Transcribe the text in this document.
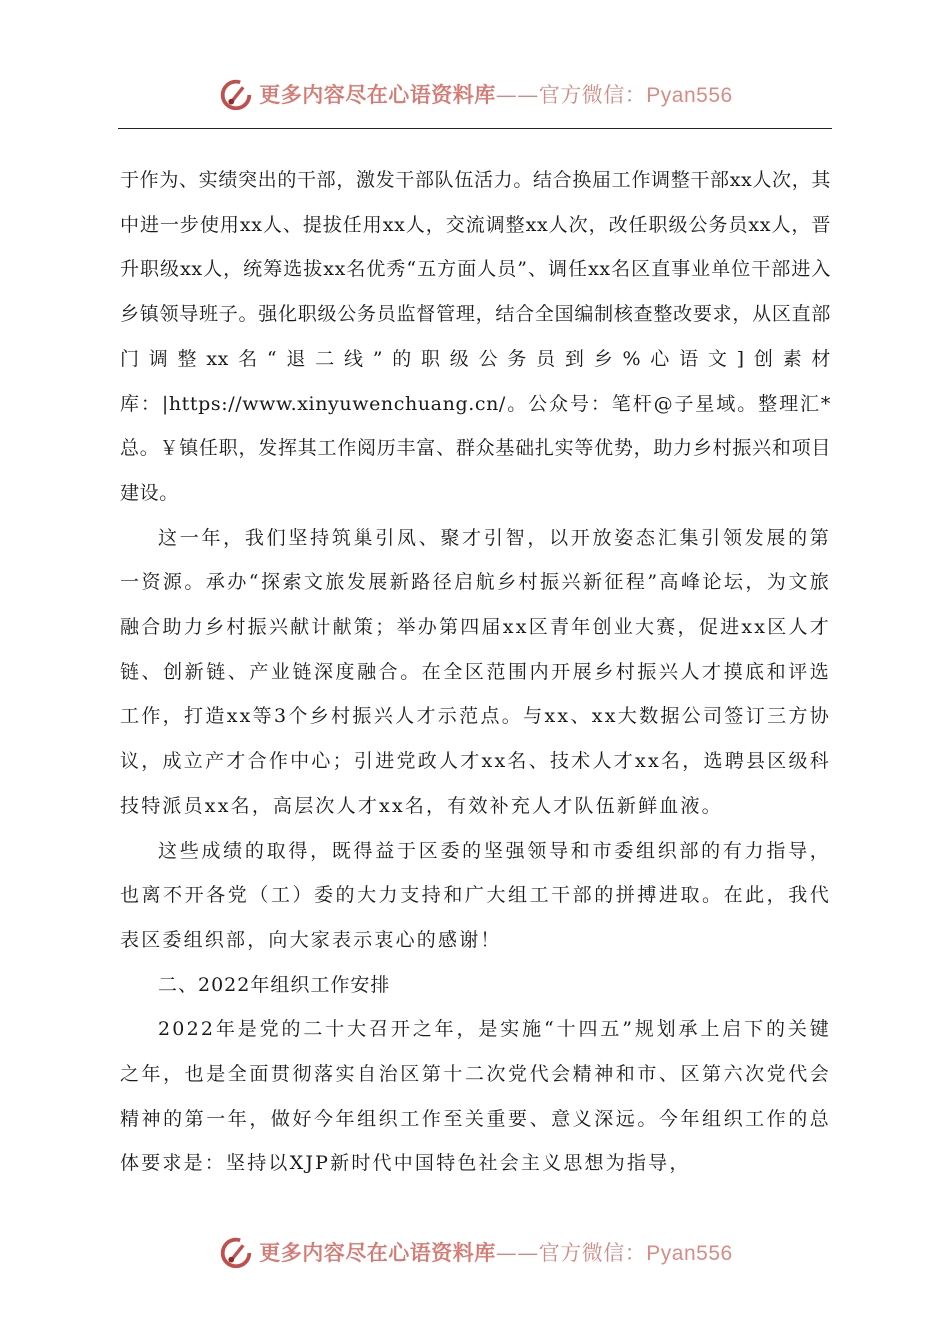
更多内容尽在心语资料库——官方微信：Pyan556

于作为、实绩突出的干部，激发干部队伍活力。结合换届工作调整干部xx人次，其中进一步使用xx人、提拔任用xx人，交流调整xx人次，改任职级公务员xx人，晋升职级xx人，统筹选拔xx名优秀“五方面人员”、调任xx名区直事业单位干部进入乡镇领导班子。强化职级公务员监督管理，结合全国编制核查整改要求，从区直部门调整xx名“退二线”的职级公务员到乡%心语文]创素材库：|https://www.xinyuwenchuang.cn/。公众号：笔杆@子星域。整理汇*总。￥镇任职，发挥其工作阅历丰富、群众基础扎实等优势，助力乡村振兴和项目建设。

这一年，我们坚持筑巢引凤、聚才引智，以开放姿态汇集引领发展的第一资源。承办“探索文旅发展新路径启航乡村振兴新征程”高峰论坛，为文旅融合助力乡村振兴献计献策；举办第四届xx区青年创业大赛，促进xx区人才链、创新链、产业链深度融合。在全区范围内开展乡村振兴人才摸底和评选工作，打造xx等3个乡村振兴人才示范点。与xx、xx大数据公司签订三方协议，成立产才合作中心；引进党政人才xx名、技术人才xx名，选聘县区级科技特派员xx名，高层次人才xx名，有效补充人才队伍新鲜血液。

这些成绩的取得，既得益于区委的坚强领导和市委组织部的有力指导，也离不开各党（工）委的大力支持和广大组工干部的拼搏进取。在此，我代表区委组织部，向大家表示衷心的感谢！

二、2022年组织工作安排

2022年是党的二十大召开之年，是实施“十四五”规划承上启下的关键之年，也是全面贯彻落实自治区第十二次党代会精神和市、区第六次党代会精神的第一年，做好今年组织工作至关重要、意义深远。今年组织工作的总体要求是：坚持以XJP新时代中国特色社会主义思想为指导，

更多内容尽在心语资料库——官方微信：Pyan556
